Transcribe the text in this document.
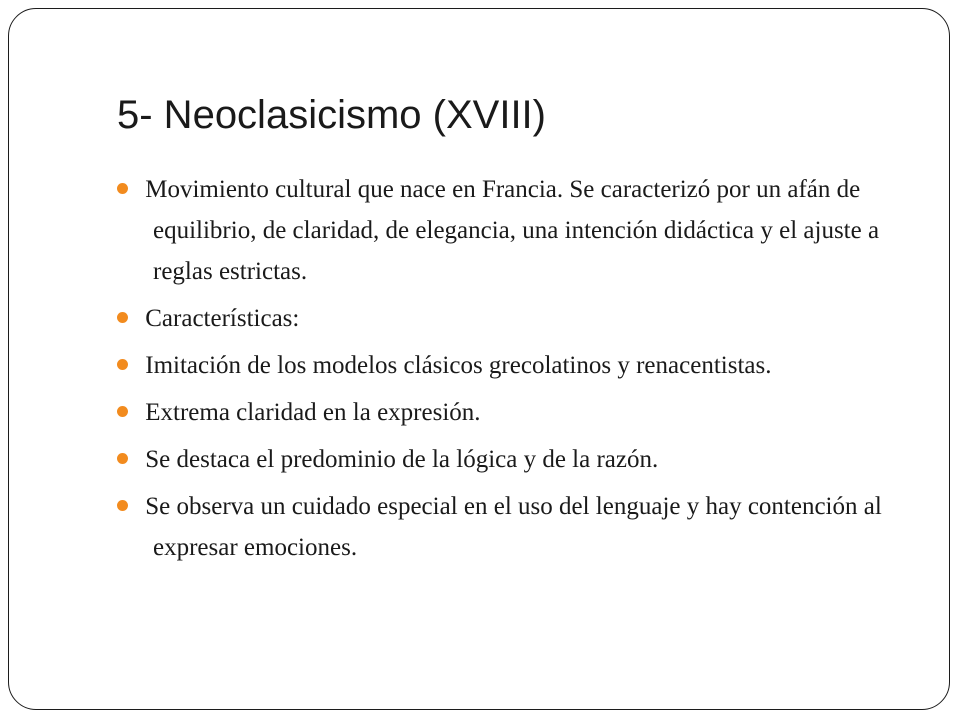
5- Neoclasicismo (XVIII)
Movimiento cultural que nace en Francia. Se caracterizó por un afán de equilibrio, de claridad, de elegancia, una intención didáctica y el ajuste a reglas estrictas.
Características:
Imitación de los modelos clásicos grecolatinos y renacentistas.
Extrema claridad en la expresión.
Se destaca el predominio de la lógica y de la razón.
Se observa un cuidado especial en el uso del lenguaje y hay contención al expresar emociones.
